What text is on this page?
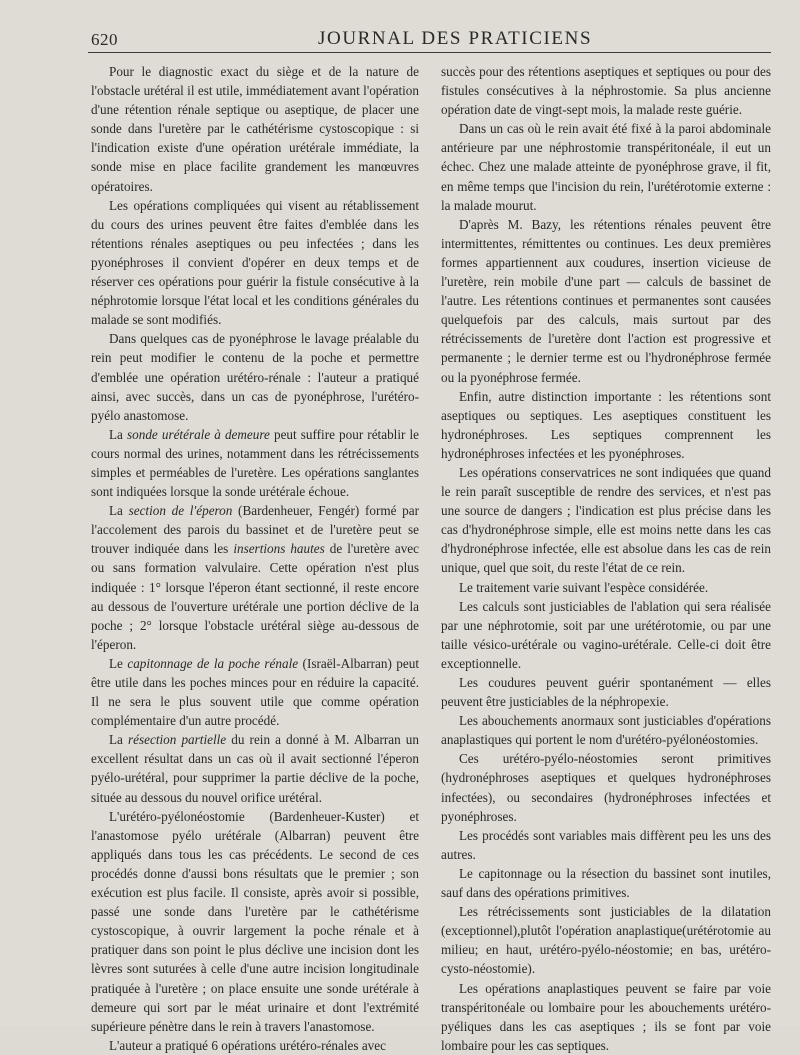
620	JOURNAL DES PRATICIENS

Pour le diagnostic exact du siège et de la nature de l'obstacle urétéral il est utile, immédiatement avant l'opération d'une rétention rénale septique ou aseptique, de placer une sonde dans l'uretère par le cathétérisme cystoscopique : si l'indication existe d'une opération urétérale immédiate, la sonde mise en place facilite grandement les manœuvres opératoires.

Les opérations compliquées qui visent au rétablissement du cours des urines peuvent être faites d'emblée dans les rétentions rénales aseptiques ou peu infectées ; dans les pyonéphroses il convient d'opérer en deux temps et de réserver ces opérations pour guérir la fistule consécutive à la néphrotomie lorsque l'état local et les conditions générales du malade se sont modifiés.

Dans quelques cas de pyonéphrose le lavage préalable du rein peut modifier le contenu de la poche et permettre d'emblée une opération urétéro-rénale : l'auteur a pratiqué ainsi, avec succès, dans un cas de pyonéphrose, l'urétéro-pyélo anastomose.

La sonde urétérale à demeure peut suffire pour rétablir le cours normal des urines, notamment dans les rétrécissements simples et perméables de l'uretère. Les opérations sanglantes sont indiquées lorsque la sonde urétérale échoue.

La section de l'éperon (Bardenheuer, Fengér) formé par l'accolement des parois du bassinet et de l'uretère peut se trouver indiquée dans les insertions hautes de l'uretère avec ou sans formation valvulaire. Cette opération n'est plus indiquée : 1° lorsque l'éperon étant sectionné, il reste encore au dessous de l'ouverture urétérale une portion déclive de la poche ; 2° lorsque l'obstacle urétéral siège au-dessous de l'éperon.

Le capitonnage de la poche rénale (Israël-Albarran) peut être utile dans les poches minces pour en réduire la capacité. Il ne sera le plus souvent utile que comme opération complémentaire d'un autre procédé.

La résection partielle du rein a donné à M. Albarran un excellent résultat dans un cas où il avait sectionné l'éperon pyélo-urétéral, pour supprimer la partie déclive de la poche, située au dessous du nouvel orifice urétéral.

L'urétéro-pyélonéostomie (Bardenheuer-Kuster) et l'anastomose pyélo urétérale (Albarran) peuvent être appliqués dans tous les cas précédents. Le second de ces procédés donne d'aussi bons résultats que le premier ; son exécution est plus facile. Il consiste, après avoir si possible, passé une sonde dans l'uretère par le cathétérisme cystoscopique, à ouvrir largement la poche rénale et à pratiquer dans son point le plus déclive une incision dont les lèvres sont suturées à celle d'une autre incision longitudinale pratiquée à l'uretère ; on place ensuite une sonde urétérale à demeure qui sort par le méat urinaire et dont l'extrémité supérieure pénètre dans le rein à travers l'anastomose.

L'auteur a pratiqué 6 opérations urétéro-rénales avec

succès pour des rétentions aseptiques et septiques ou pour des fistules consécutives à la néphrostomie. Sa plus ancienne opération date de vingt-sept mois, la malade reste guérie.

Dans un cas où le rein avait été fixé à la paroi abdominale antérieure par une néphrostomie transpéritonéale, il eut un échec. Chez une malade atteinte de pyonéphrose grave, il fit, en même temps que l'incision du rein, l'urétérotomie externe : la malade mourut.

D'après M. Bazy, les rétentions rénales peuvent être intermittentes, rémittentes ou continues. Les deux premières formes appartiennent aux coudures, insertion vicieuse de l'uretère, rein mobile d'une part — calculs de bassinet de l'autre. Les rétentions continues et permanentes sont causées quelquefois par des calculs, mais surtout par des rétrécissements de l'uretère dont l'action est progressive et permanente ; le dernier terme est ou l'hydronéphrose fermée ou la pyonéphrose fermée.

Enfin, autre distinction importante : les rétentions sont aseptiques ou septiques. Les aseptiques constituent les hydronéphroses. Les septiques comprennent les hydronéphroses infectées et les pyonéphroses.

Les opérations conservatrices ne sont indiquées que quand le rein paraît susceptible de rendre des services, et n'est pas une source de dangers ; l'indication est plus précise dans les cas d'hydronéphrose simple, elle est moins nette dans les cas d'hydronéphrose infectée, elle est absolue dans les cas de rein unique, quel que soit, du reste l'état de ce rein.

Le traitement varie suivant l'espèce considérée.

Les calculs sont justiciables de l'ablation qui sera réalisée par une néphrotomie, soit par une urétérotomie, ou par une taille vésico-urétérale ou vagino-urétérale. Celle-ci doit être exceptionnelle.

Les coudures peuvent guérir spontanément — elles peuvent être justiciables de la néphropexie.

Les abouchements anormaux sont justiciables d'opérations anaplastiques qui portent le nom d'urétéro-pyélonéostomies.

Ces urétéro-pyélo-néostomies seront primitives (hydronéphroses aseptiques et quelques hydronéphroses infectées), ou secondaires (hydronéphroses infectées et pyonéphroses.

Les procédés sont variables mais diffèrent peu les uns des autres.

Le capitonnage ou la résection du bassinet sont inutiles, sauf dans des opérations primitives.

Les rétrécissements sont justiciables de la dilatation (exceptionnel),plutôt l'opération anaplastique(urétérotomie au milieu; en haut, urétéro-pyélo-néostomie; en bas, urétéro-cysto-néostomie).

Les opérations anaplastiques peuvent se faire par voie transpéritonéale ou lombaire pour les abouchements urétéro-pyéliques dans les cas aseptiques ; ils se font par voie lombaire pour les cas septiques.
